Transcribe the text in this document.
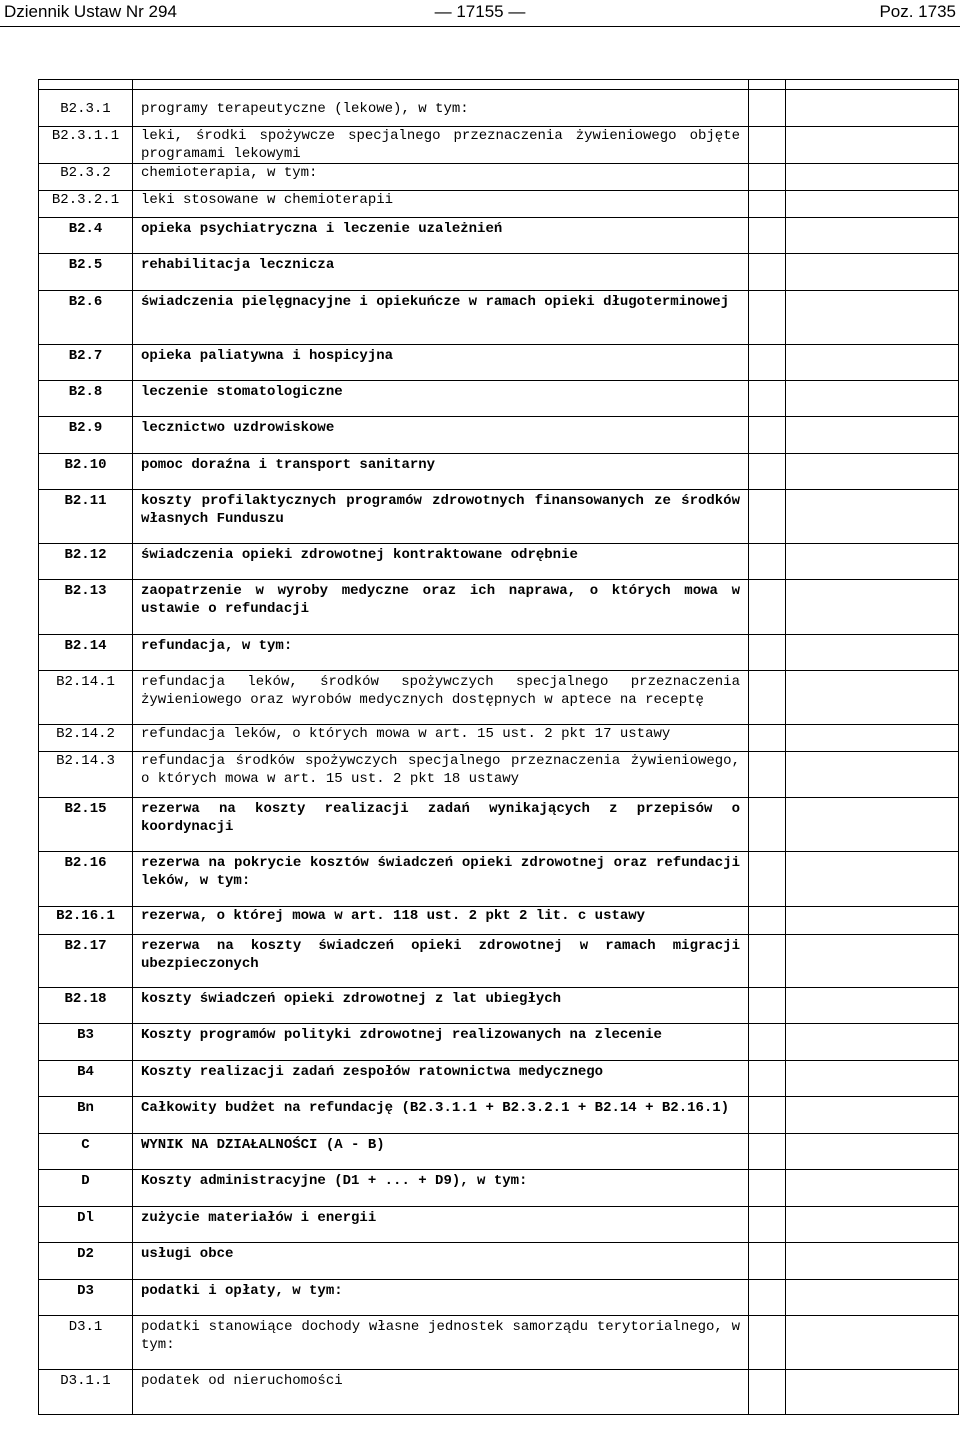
Dziennik Ustaw Nr 294	— 17155 —	Poz. 1735

B2.3.1	programy terapeutyczne (lekowe), w tym:		

B2.3.1.1	leki, środki spożywcze specjalnego przeznaczenia żywieniowego objęte programami lekowymi		

B2.3.2	chemioterapia, w tym:		

B2.3.2.1	leki stosowane w chemioterapii		

B2.4	opieka psychiatryczna i leczenie uzależnień		

B2.5	rehabilitacja lecznicza		

B2.6	świadczenia pielęgnacyjne i opiekuńcze w ramach opieki długoterminowej		

B2.7	opieka paliatywna i hospicyjna		

B2.8	leczenie stomatologiczne		

B2.9	lecznictwo uzdrowiskowe		

B2.10	pomoc doraźna i transport sanitarny		

B2.11	koszty profilaktycznych programów zdrowotnych finansowanych ze środków własnych Funduszu		

B2.12	świadczenia opieki zdrowotnej kontraktowane odrębnie		

B2.13	zaopatrzenie w wyroby medyczne oraz ich naprawa, o których mowa w ustawie o refundacji		

B2.14	refundacja, w tym:		

B2.14.1	refundacja leków, środków spożywczych specjalnego przeznaczenia żywieniowego oraz wyrobów medycznych dostępnych w aptece na receptę		

B2.14.2	refundacja leków, o których mowa w art. 15 ust. 2 pkt 17 ustawy		

B2.14.3	refundacja środków spożywczych specjalnego przeznaczenia żywieniowego, o których mowa w art. 15 ust. 2 pkt 18 ustawy		

B2.15	rezerwa na koszty realizacji zadań wynikających z przepisów o koordynacji		

B2.16	rezerwa na pokrycie kosztów świadczeń opieki zdrowotnej oraz refundacji leków, w tym:		

B2.16.1	rezerwa, o której mowa w art. 118 ust. 2 pkt 2 lit. c ustawy		

B2.17	rezerwa na koszty świadczeń opieki zdrowotnej w ramach migracji ubezpieczonych		

B2.18	koszty świadczeń opieki zdrowotnej z lat ubiegłych		

B3	Koszty programów polityki zdrowotnej realizowanych na zlecenie		

B4	Koszty realizacji zadań zespołów ratownictwa medycznego		

Bn	Całkowity budżet na refundację (B2.3.1.1 + B2.3.2.1 + B2.14 + B2.16.1)		

C	WYNIK NA DZIAŁALNOŚCI (A - B)		

D	Koszty administracyjne (D1 + ... + D9), w tym:		

Dl	zużycie materiałów i energii		

D2	usługi obce		

D3	podatki i opłaty, w tym:		

D3.1	podatki stanowiące dochody własne jednostek samorządu terytorialnego, w tym:		

D3.1.1	podatek od nieruchomości		
